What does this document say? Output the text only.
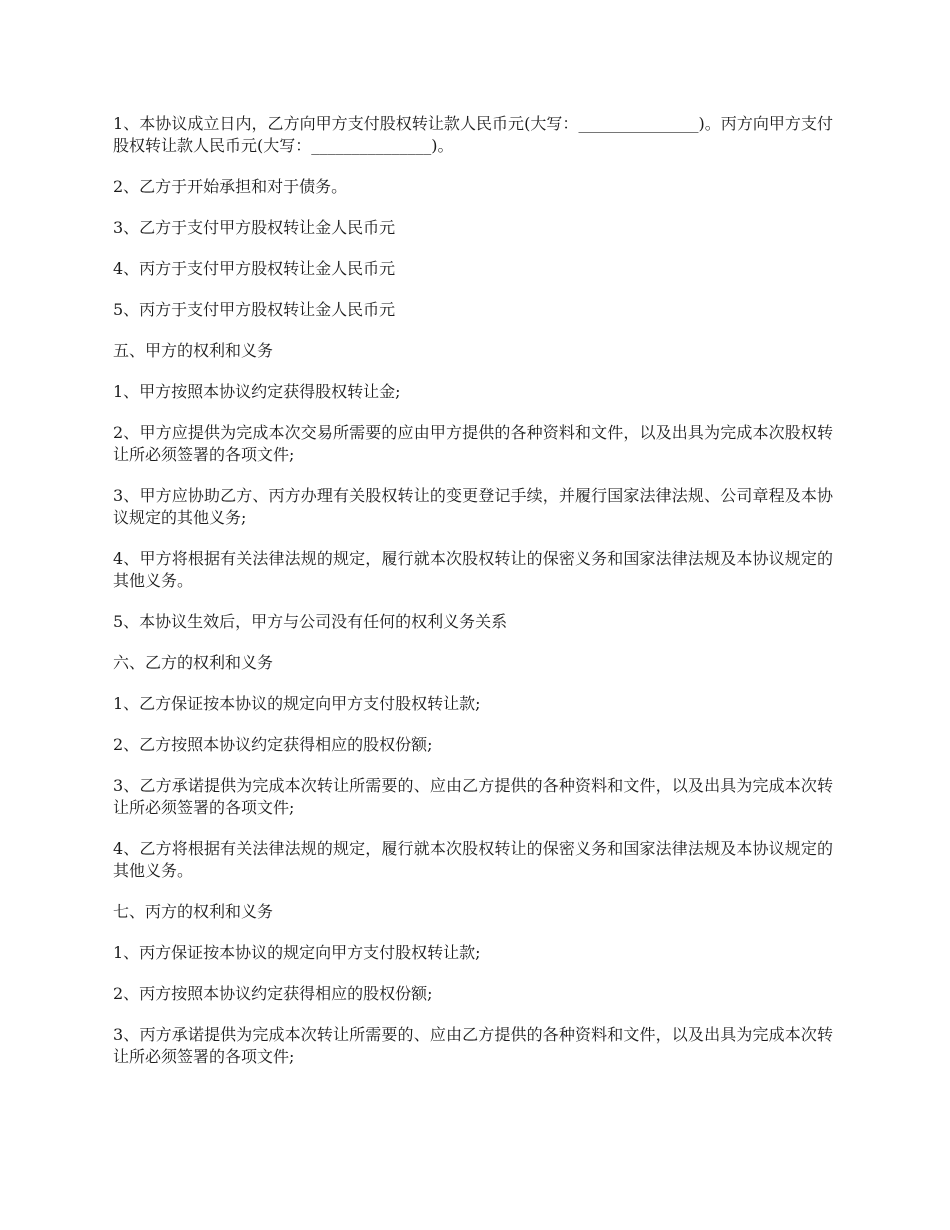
1、本协议成立日内，乙方向甲方支付股权转让款人民币元(大写：_______________)。丙方向甲方支付股权转让款人民币元(大写：_______________)。

2、乙方于开始承担和对于债务。

3、乙方于支付甲方股权转让金人民币元

4、丙方于支付甲方股权转让金人民币元

5、丙方于支付甲方股权转让金人民币元

五、甲方的权利和义务

1、甲方按照本协议约定获得股权转让金;

2、甲方应提供为完成本次交易所需要的应由甲方提供的各种资料和文件，以及出具为完成本次股权转让所必须签署的各项文件;

3、甲方应协助乙方、丙方办理有关股权转让的变更登记手续，并履行国家法律法规、公司章程及本协议规定的其他义务;

4、甲方将根据有关法律法规的规定，履行就本次股权转让的保密义务和国家法律法规及本协议规定的其他义务。

5、本协议生效后，甲方与公司没有任何的权利义务关系

六、乙方的权利和义务

1、乙方保证按本协议的规定向甲方支付股权转让款;

2、乙方按照本协议约定获得相应的股权份额;

3、乙方承诺提供为完成本次转让所需要的、应由乙方提供的各种资料和文件，以及出具为完成本次转让所必须签署的各项文件;

4、乙方将根据有关法律法规的规定，履行就本次股权转让的保密义务和国家法律法规及本协议规定的其他义务。

七、丙方的权利和义务

1、丙方保证按本协议的规定向甲方支付股权转让款;

2、丙方按照本协议约定获得相应的股权份额;

3、丙方承诺提供为完成本次转让所需要的、应由乙方提供的各种资料和文件，以及出具为完成本次转让所必须签署的各项文件;
